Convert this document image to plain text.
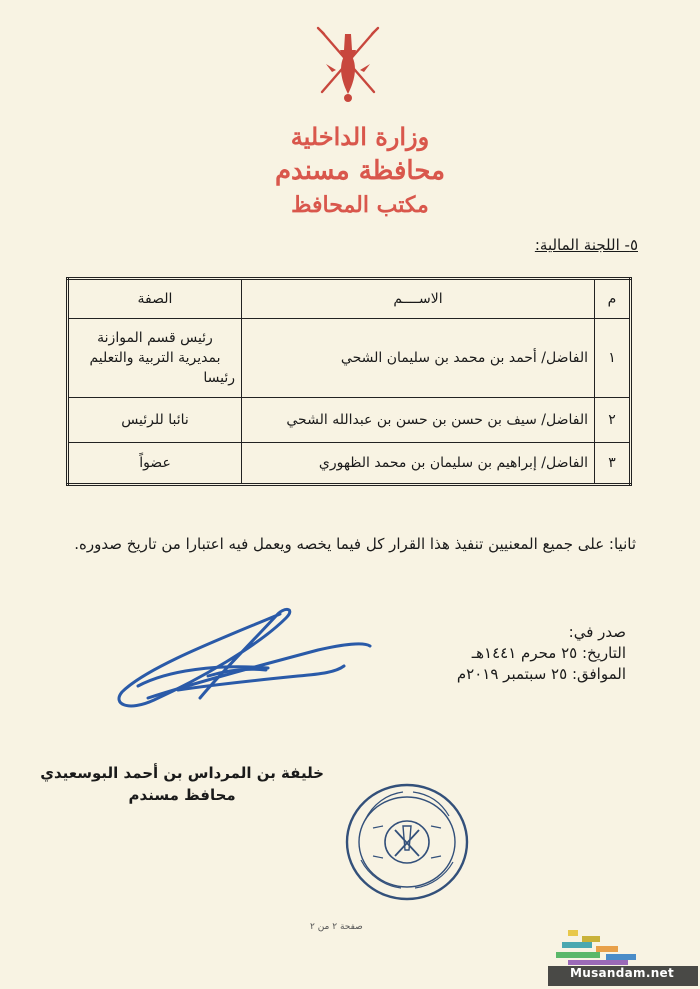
وزارة الداخلية
محافظة مسندم
مكتب المحافظ
٥- اللجنة المالية:
م	الاســــم	الصفة
١	الفاضل/ أحمد بن محمد بن سليمان الشحي	رئيس قسم الموازنة
بمديرية التربية والتعليم
رئيسا

٢	الفاضل/ سيف بن حسن بن حسن بن عبدالله الشحي	نائبا للرئيس
٣	الفاضل/ إبراهيم بن سليمان بن محمد الظهوري	عضواً
ثانيا: على جميع المعنيين تنفيذ هذا القرار كل فيما يخصه ويعمل فيه اعتبارا من تاريخ صدوره.
صدر في:
التاريخ: ٢٥ محرم ١٤٤١هـ
الموافق: ٢٥ سبتمبر ٢٠١٩م
خليفة بن المرداس بن أحمد البوسعيدي
محافظ مسندم
صفحة ٢ من ٢
Musandam.net
